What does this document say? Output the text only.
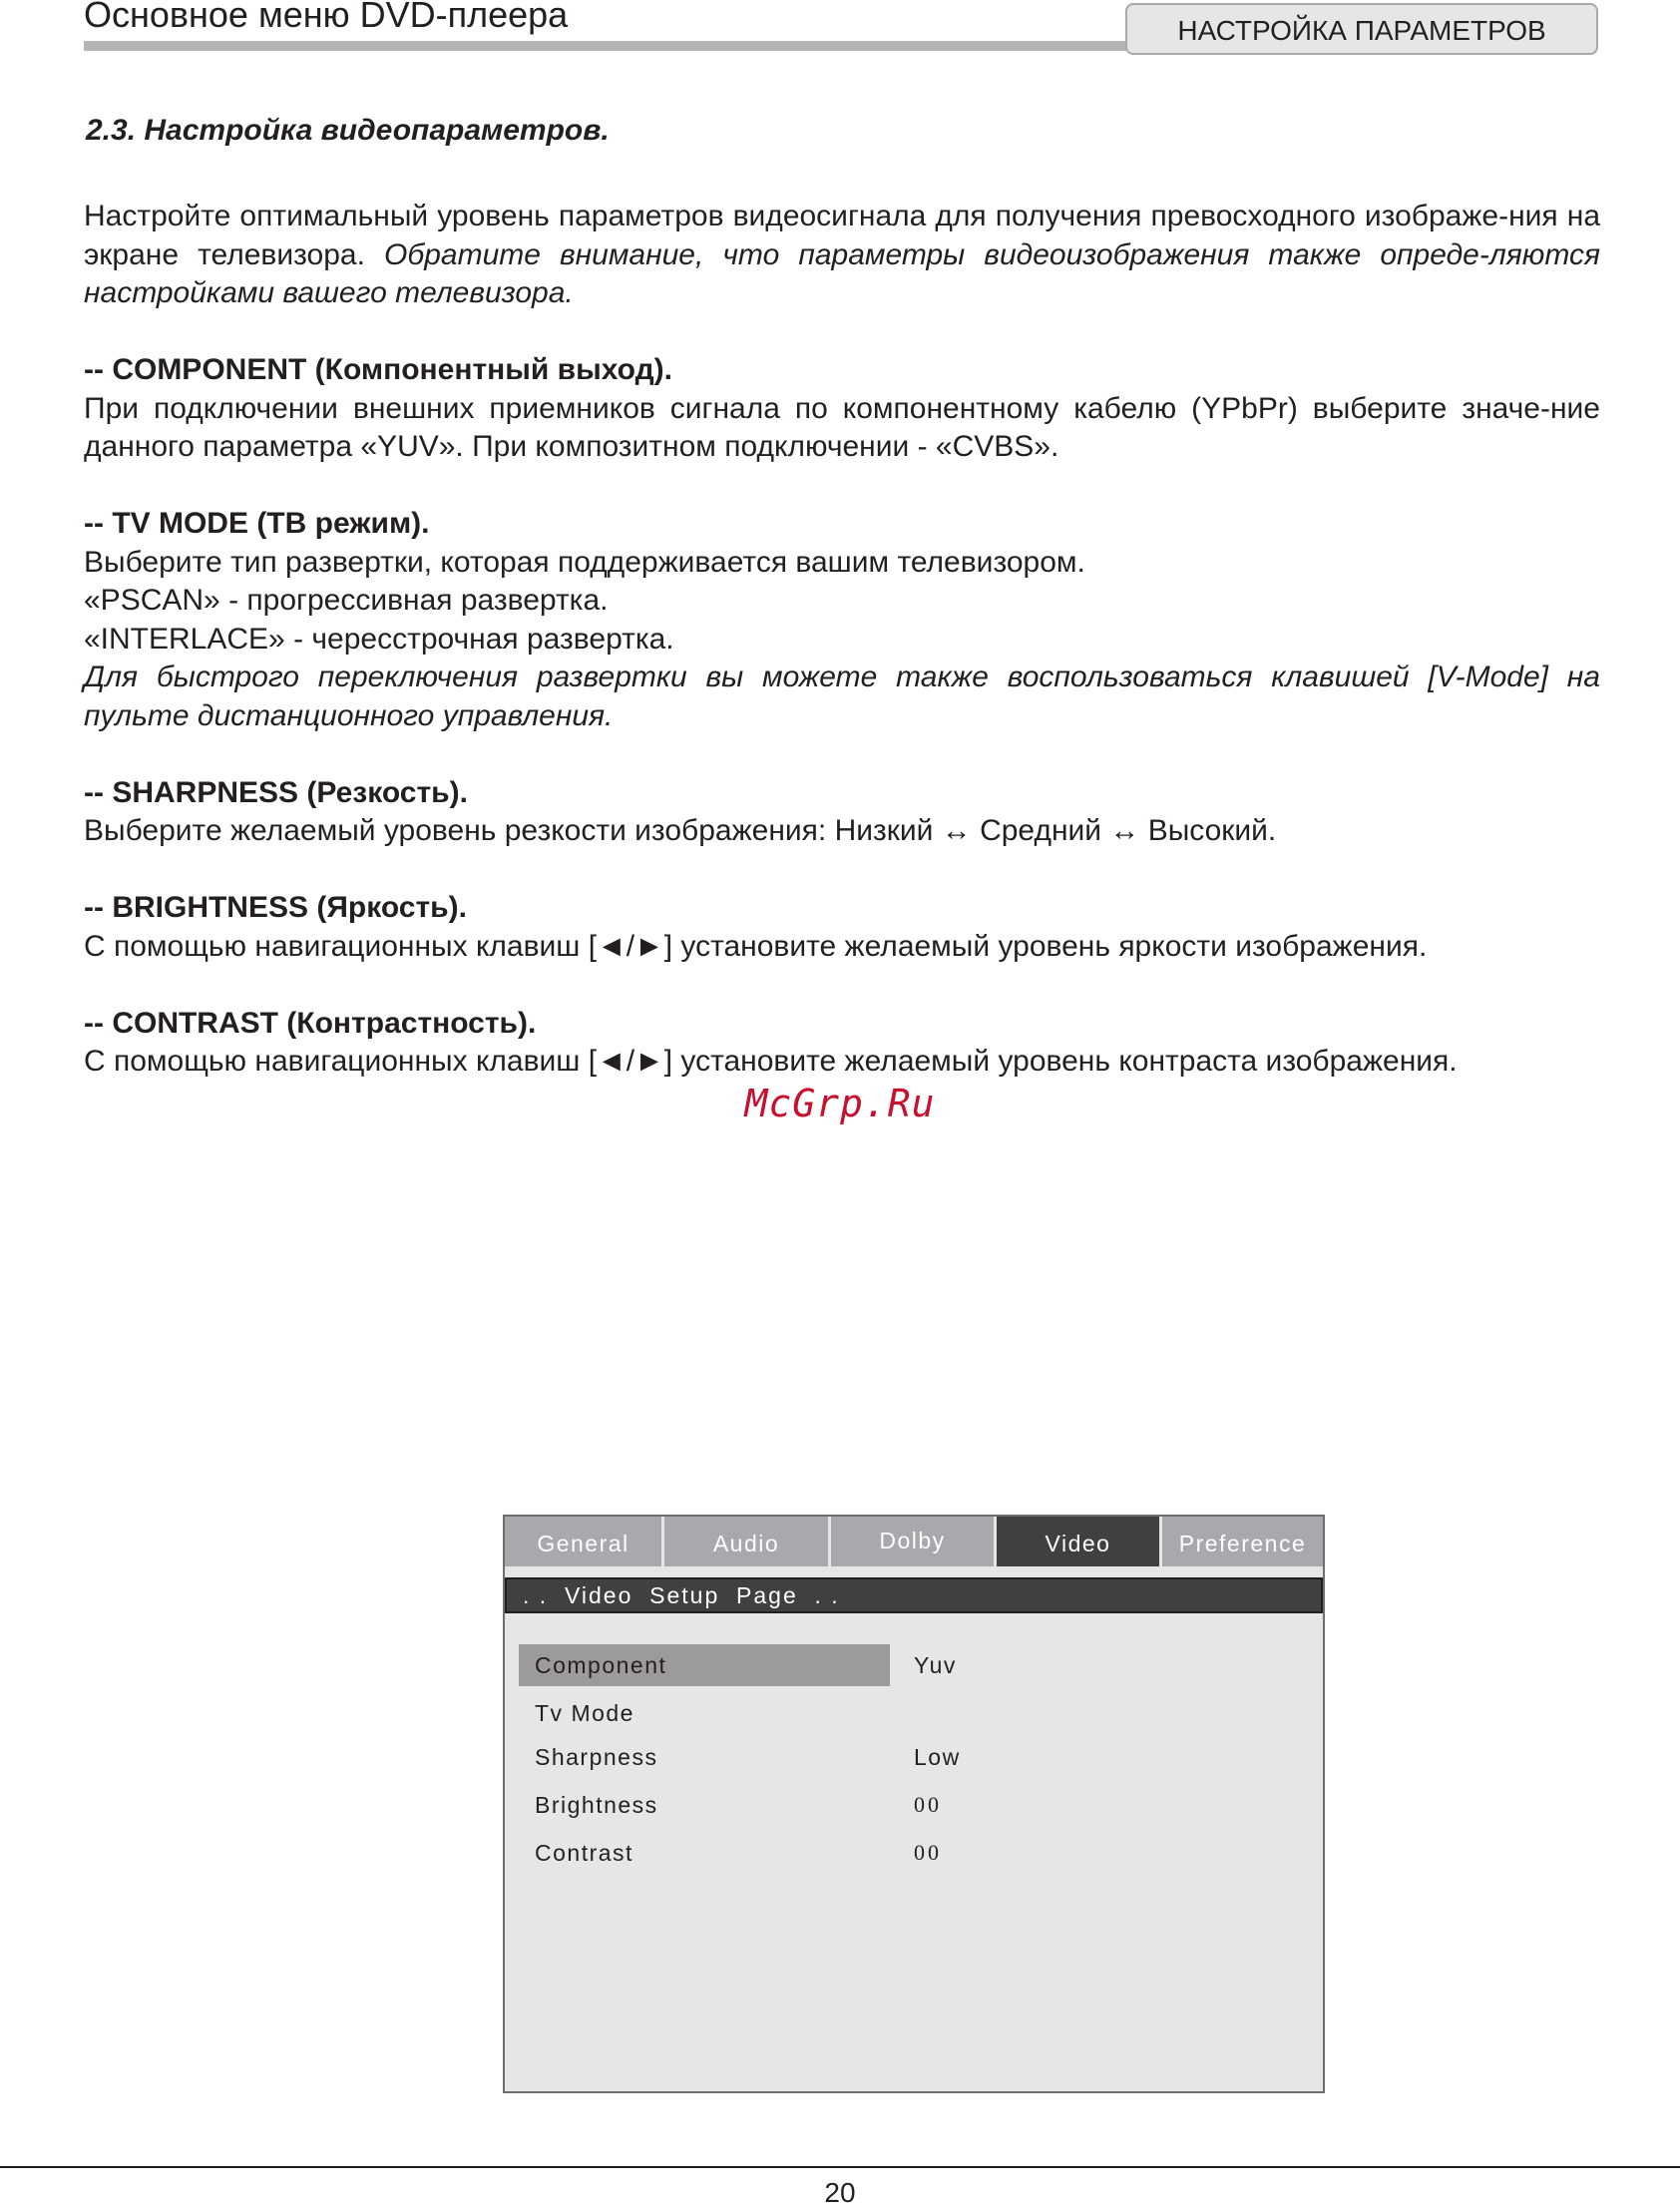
Основное меню DVD-плеера	НАСТРОЙКА ПАРАМЕТРОВ
2.3. Настройка видеопараметров.

Настройте оптимальный уровень параметров видеосигнала для получения превосходного изображе-ния на экране телевизора. Обратите внимание, что параметры видеоизображения также опреде-ляются настройками вашего телевизора.

-- COMPONENT (Компонентный выход).

При подключении внешних приемников сигнала по компонентному кабелю (YPbPr) выберите значе-ние данного параметра «YUV». При композитном подключении - «CVBS».

-- TV MODE (ТВ режим).

Выберите тип развертки, которая поддерживается вашим телевизором.

«PSCAN» - прогрессивная развертка.

«INTERLACE» - чересстрочная развертка.

Для быстрого переключения развертки вы можете также воспользоваться клавишей [V-Mode] на пульте дистанционного управления.

-- SHARPNESS (Резкость).

Выберите желаемый уровень резкости изображения: Низкий ↔ Средний ↔ Высокий.

-- BRIGHTNESS (Яркость).

С помощью навигационных клавиш [◄/►] установите желаемый уровень яркости изображения.

-- CONTRAST (Контрастность).

С помощью навигационных клавиш [◄/►] установите желаемый уровень контраста изображения.

McGrp.Ru
General	Audio	Dolby	Video	Preference
. .  Video  Setup  Page  . .
Component	Yuv
Tv Mode
Sharpness	Low
Brightness	00
Contrast	00
20
